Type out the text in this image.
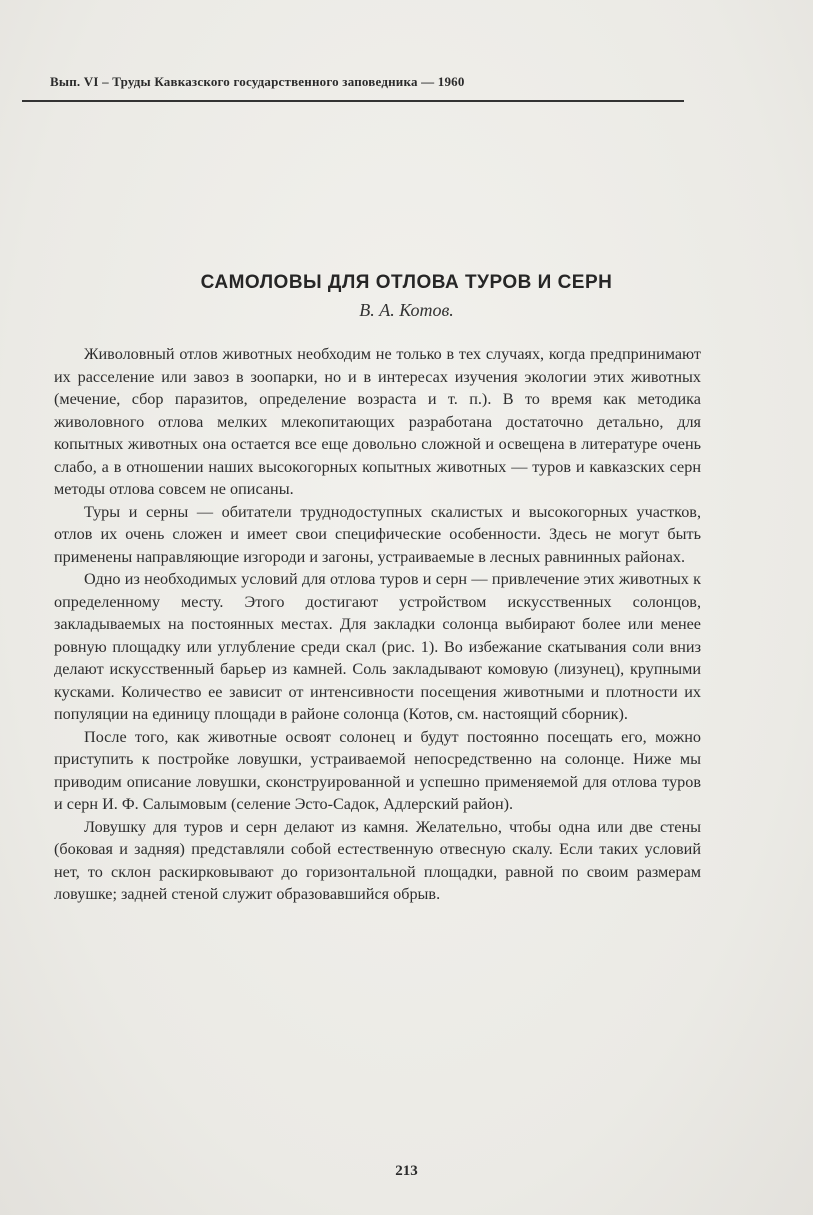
Вып. VI – Труды Кавказского государственного заповедника — 1960
САМОЛОВЫ ДЛЯ ОТЛОВА ТУРОВ И СЕРН
В. А. Котов.

Живоловный отлов животных необходим не только в тех случаях, когда предпринимают их расселение или завоз в зоопарки, но и в интересах изучения экологии этих животных (мечение, сбор паразитов, определение возраста и т. п.). В то время как методика живоловного отлова мелких млекопитающих разработана достаточно детально, для копытных животных она остается все еще довольно сложной и освещена в литературе очень слабо, а в отношении наших высокогорных копытных животных — туров и кавказских серн методы отлова совсем не описаны.

Туры и серны — обитатели труднодоступных скалистых и высокогорных участков, отлов их очень сложен и имеет свои специфические особенности. Здесь не могут быть применены направляющие изгороди и загоны, устраиваемые в лесных равнинных районах.

Одно из необходимых условий для отлова туров и серн — привлечение этих животных к определенному месту. Этого достигают устройством искусственных солонцов, закладываемых на постоянных местах. Для закладки солонца выбирают более или менее ровную площадку или углубление среди скал (рис. 1). Во избежание скатывания соли вниз делают искусственный барьер из камней. Соль закладывают комовую (лизунец), крупными кусками. Количество ее зависит от интенсивности посещения животными и плотности их популяции на единицу площади в районе солонца (Котов, см. настоящий сборник).

После того, как животные освоят солонец и будут постоянно посещать его, можно приступить к постройке ловушки, устраиваемой непосредственно на солонце. Ниже мы приводим описание ловушки, сконструированной и успешно применяемой для отлова туров и серн И. Ф. Салымовым (селение Эсто-Садок, Адлерский район).

Ловушку для туров и серн делают из камня. Желательно, чтобы одна или две стены (боковая и задняя) представляли собой естественную отвесную скалу. Если таких условий нет, то склон раскирковывают до горизонтальной площадки, равной по своим размерам ловушке; задней стеной служит образовавшийся обрыв.

213
